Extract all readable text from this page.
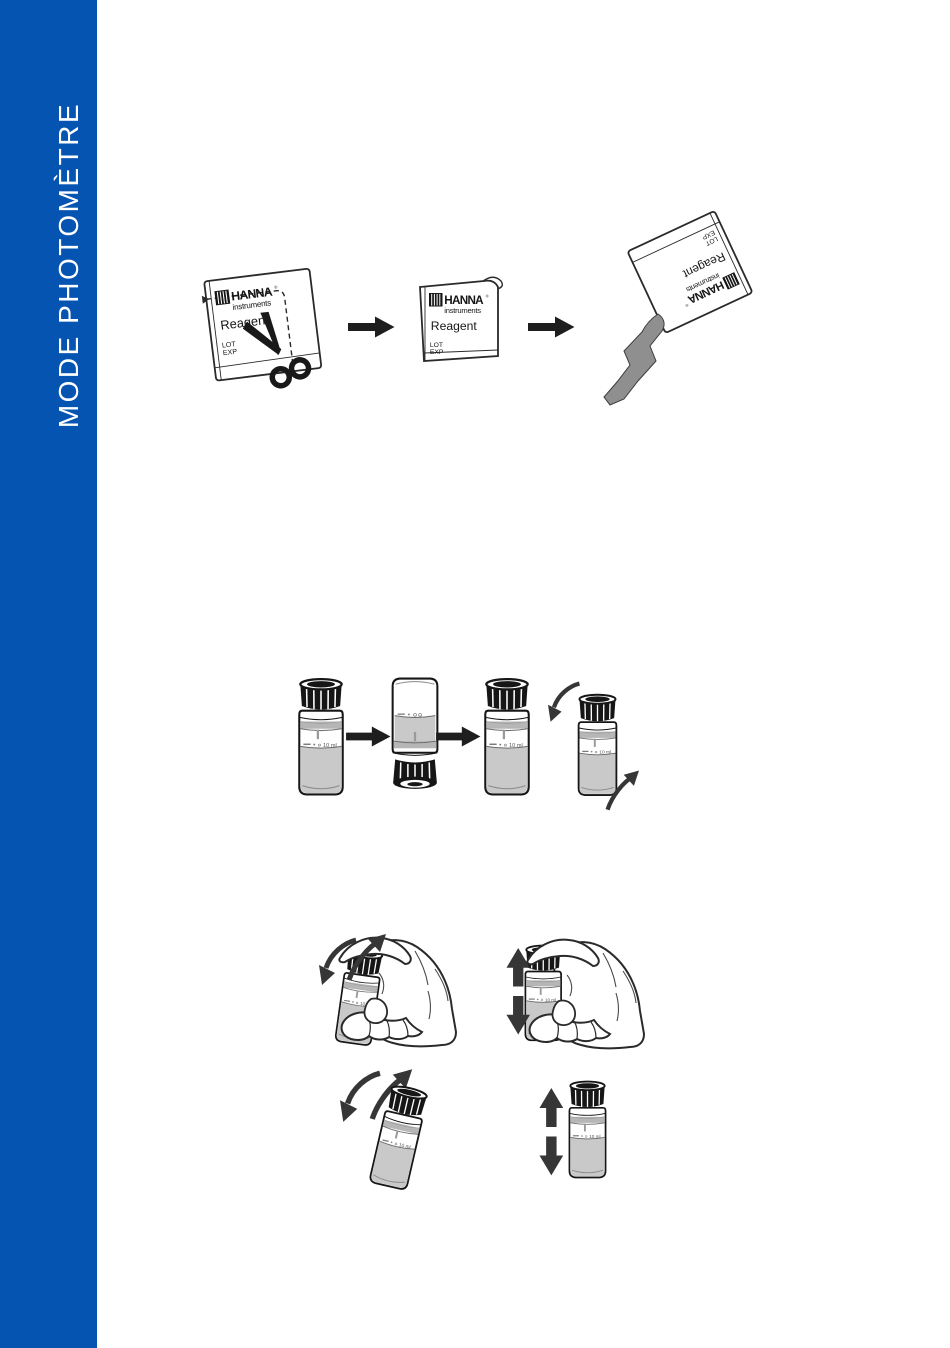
MODE PHOTOMÈTRE
